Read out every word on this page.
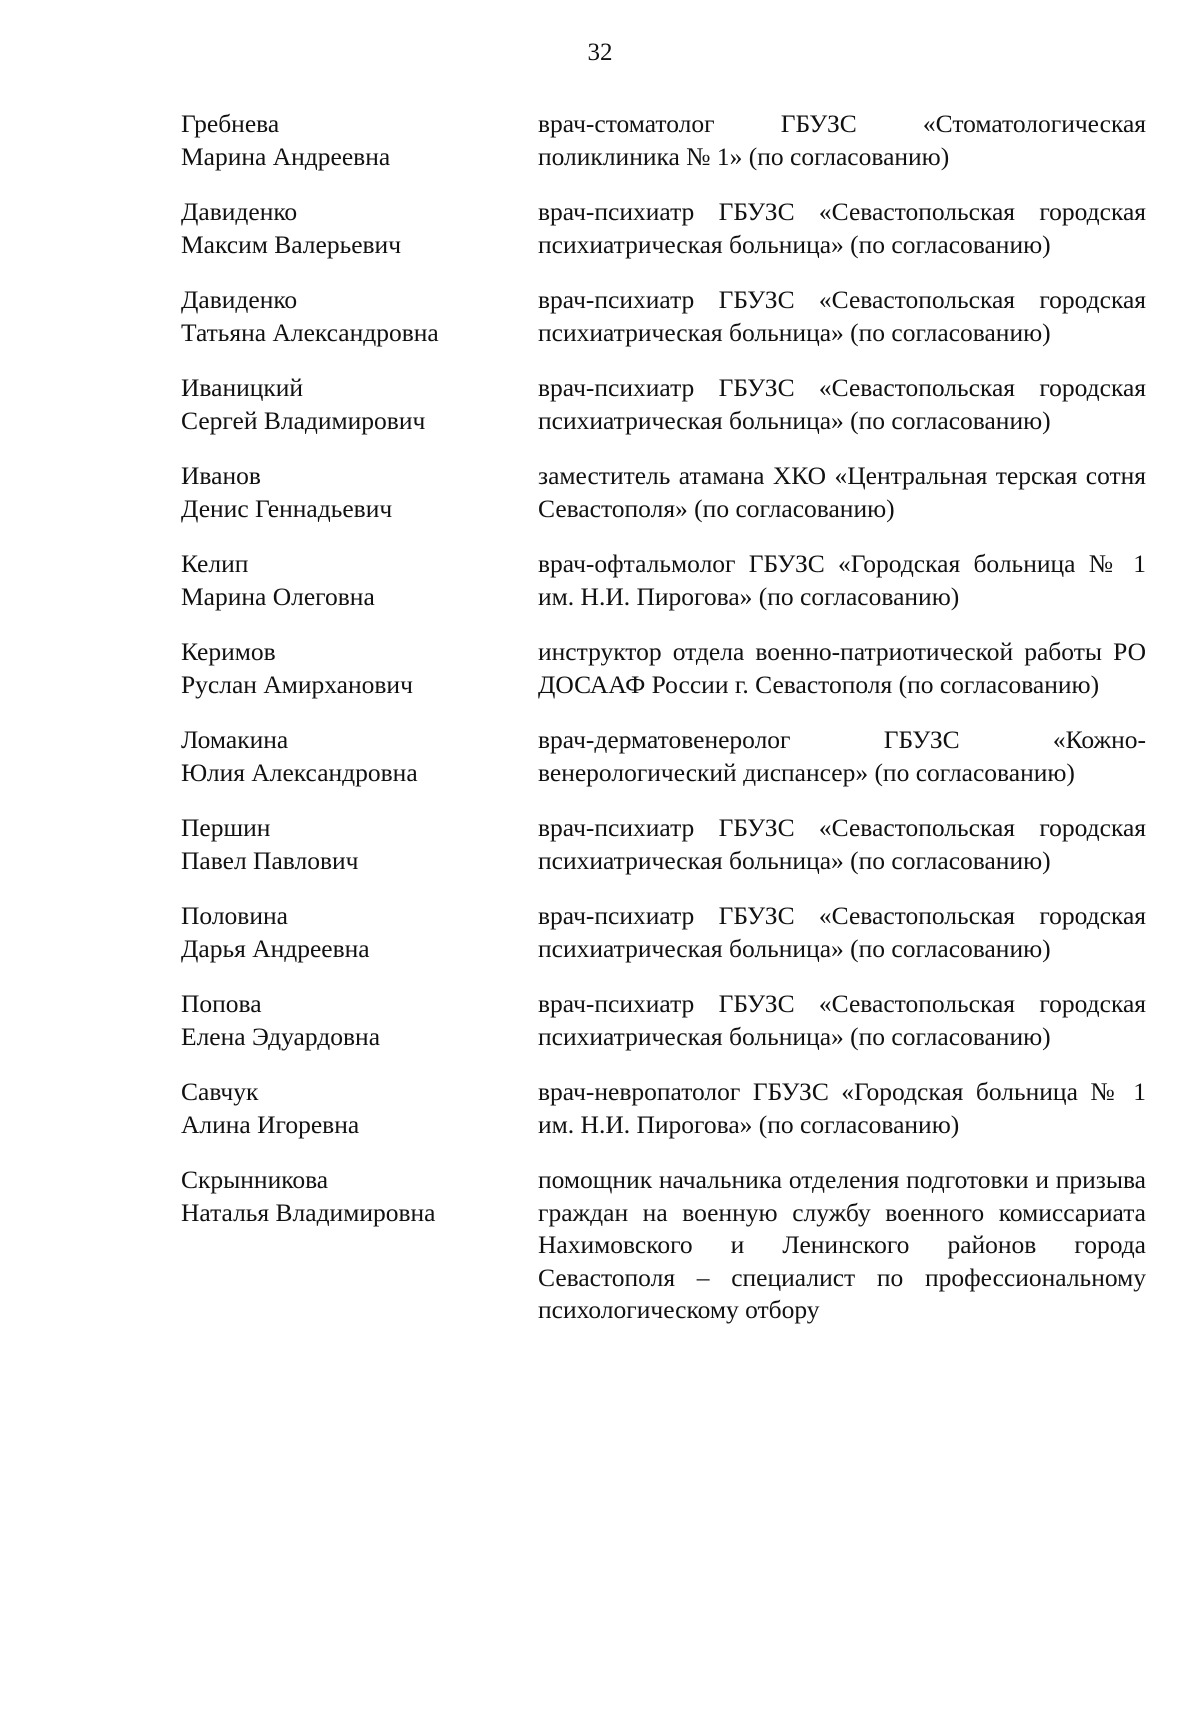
32
Гребнева
Марина Андреевна
врач-стоматолог ГБУЗС «Стоматологическая поликлиника № 1» (по согласованию)
Давиденко
Максим Валерьевич
врач-психиатр ГБУЗС «Севастопольская городская психиатрическая больница» (по согласованию)
Давиденко
Татьяна Александровна
врач-психиатр ГБУЗС «Севастопольская городская психиатрическая больница» (по согласованию)
Иваницкий
Сергей Владимирович
врач-психиатр ГБУЗС «Севастопольская городская психиатрическая больница» (по согласованию)
Иванов
Денис Геннадьевич
заместитель атамана ХКО «Центральная терская сотня Севастополя» (по согласованию)
Келип
Марина Олеговна
врач-офтальмолог ГБУЗС «Городская больница № 1 им. Н.И. Пирогова» (по согласованию)
Керимов
Руслан Амирханович
инструктор отдела военно-патриотической работы РО ДОСААФ России г. Севастополя (по согласованию)
Ломакина
Юлия Александровна
врач-дерматовенеролог ГБУЗС «Кожно-венерологический диспансер» (по согласованию)
Першин
Павел Павлович
врач-психиатр ГБУЗС «Севастопольская городская психиатрическая больница» (по согласованию)
Половина
Дарья Андреевна
врач-психиатр ГБУЗС «Севастопольская городская психиатрическая больница» (по согласованию)
Попова
Елена Эдуардовна
врач-психиатр ГБУЗС «Севастопольская городская психиатрическая больница» (по согласованию)
Савчук
Алина Игоревна
врач-невропатолог ГБУЗС «Городская больница № 1 им. Н.И. Пирогова» (по согласованию)
Скрынникова
Наталья Владимировна
помощник начальника отделения подготовки и призыва граждан на военную службу военного комиссариата Нахимовского и Ленинского районов города Севастополя – специалист по профессиональному психологическому отбору
